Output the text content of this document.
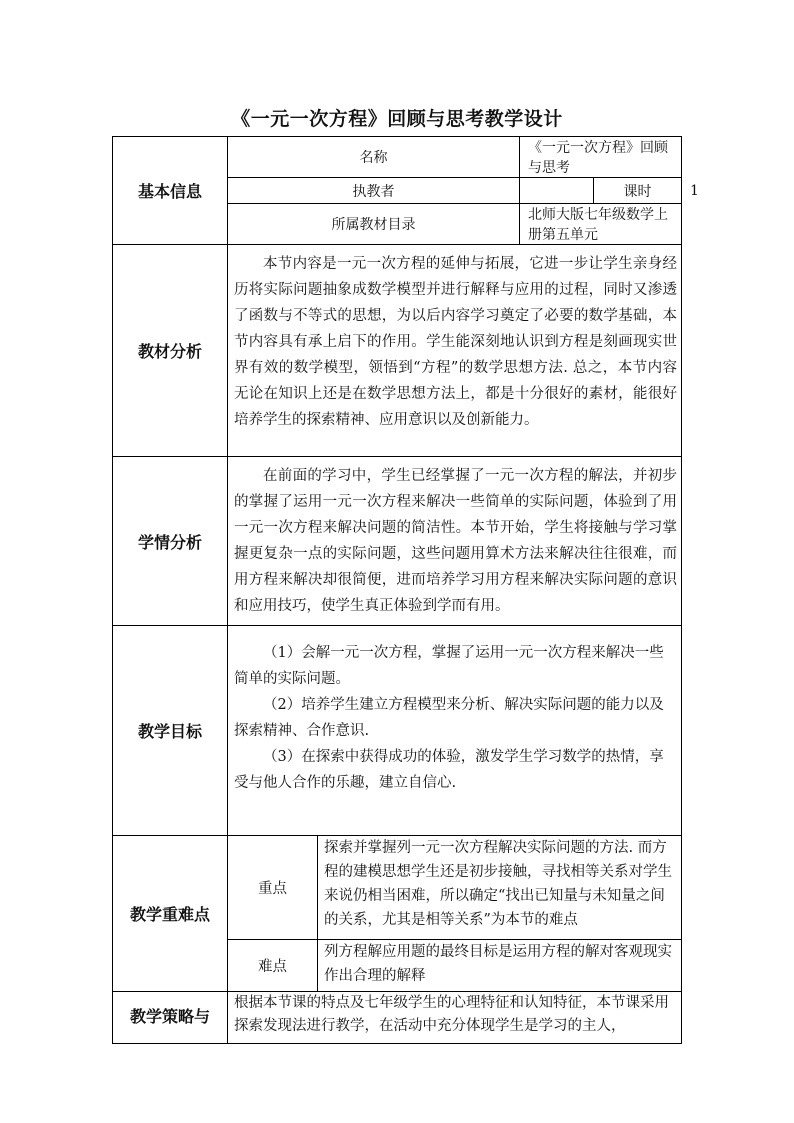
《一元一次方程》回顾与思考教学设计
基本信息	名称		《一元一次方程》回顾与思考		
	执教者			课时	1
	所属教材目录		北师大版七年级数学上册第五单元		
教材分析	本节内容是一元一次方程的延伸与拓展，它进一步让学生亲身经历将实际问题抽象成数学模型并进行解释与应用的过程，同时又渗透了函数与不等式的思想，为以后内容学习奠定了必要的数学基础，本节内容具有承上启下的作用。学生能深刻地认识到方程是刻画现实世界有效的数学模型，领悟到“方程”的数学思想方法. 总之，本节内容无论在知识上还是在数学思想方法上，都是十分很好的素材，能很好培养学生的探索精神、应用意识以及创新能力。				

学情分析	在前面的学习中，学生已经掌握了一元一次方程的解法，并初步的掌握了运用一元一次方程来解决一些简单的实际问题，体验到了用一元一次方程来解决问题的简洁性。本节开始，学生将接触与学习掌握更复杂一点的实际问题，这些问题用算术方法来解决往往很难，而用方程来解决却很简便，进而培养学习用方程来解决实际问题的意识和应用技巧，使学生真正体验到学而有用。				

教学目标	（1）会解一元一次方程，掌握了运用一元一次方程来解决一些简单的实际问题。

（2）培养学生建立方程模型来分析、解决实际问题的能力以及探索精神、合作意识.

（3）在探索中获得成功的体验，激发学生学习数学的热情，享受与他人合作的乐趣，建立自信心.				

教学重难点	重点	探索并掌握列一元一次方程解决实际问题的方法. 而方程的建模思想学生还是初步接触，寻找相等关系对学生来说仍相当困难，所以确定“找出已知量与未知量之间的关系，尤其是相等关系”为本节的难点			
	难点	列方程解应用题的最终目标是运用方程的解对客观现实作出合理的解释			
教学策略与	根据本节课的特点及七年级学生的心理特征和认知特征，本节课采用探索发现法进行教学，在活动中充分体现学生是学习的主人，				
